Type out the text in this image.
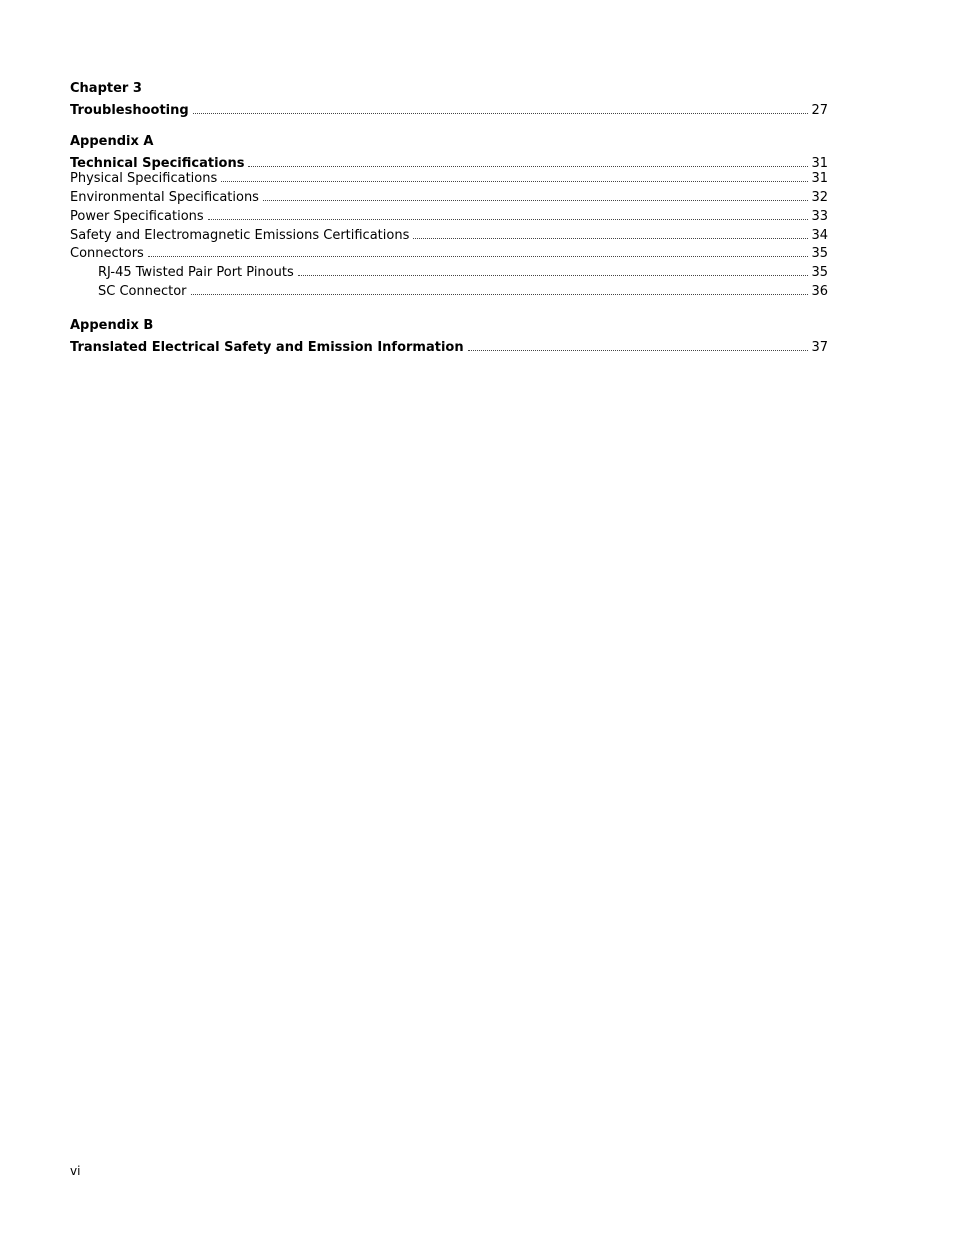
Chapter 3
Troubleshooting	27
Appendix A
Technical Specifications	31
Physical Specifications	31
Environmental Specifications	32
Power Specifications	33
Safety and Electromagnetic Emissions Certifications	34
Connectors	35
RJ-45 Twisted Pair Port Pinouts	35
SC Connector	36
Appendix B
Translated Electrical Safety and Emission Information	37
vi
